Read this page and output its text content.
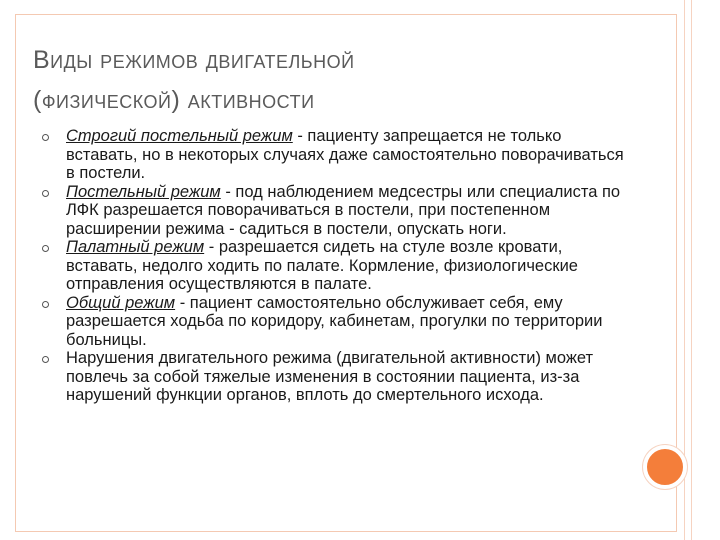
Виды режимов двигательной
(физической) активности
Строгий постельный режим - пациенту запрещается не только вставать, но в некоторых случаях даже самостоятельно поворачиваться в постели.
Постельный режим - под наблюдением медсестры или специалиста по ЛФК разрешается поворачиваться в постели, при постепенном расширении режима - садиться в постели, опускать ноги.
Палатный режим - разрешается сидеть на стуле возле кровати, вставать, недолго ходить по палате. Кормление, физиологические отправления осуществляются в палате.
Общий режим - пациент самостоятельно обслуживает себя, ему разрешается ходьба по коридору, кабинетам, прогулки по территории больницы.
Нарушения двигательного режима (двигательной активности) может повлечь за собой тяжелые изменения в состоянии пациента, из-за нарушений функции органов, вплоть до смертельного исхода.
